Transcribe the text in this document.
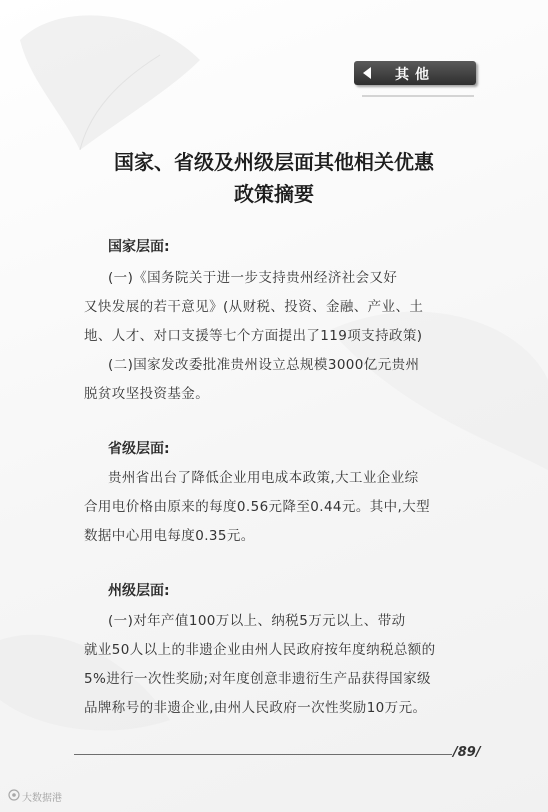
其他
国家、省级及州级层面其他相关优惠
政策摘要
国家层面:
(一)《国务院关于进一步支持贵州经济社会又好
又快发展的若干意见》(从财税、投资、金融、产业、土
地、人才、对口支援等七个方面提出了119项支持政策)
(二)国家发改委批准贵州设立总规模3000亿元贵州
脱贫攻坚投资基金。
省级层面:
贵州省出台了降低企业用电成本政策,大工业企业综
合用电价格由原来的每度0.56元降至0.44元。其中,大型
数据中心用电每度0.35元。
州级层面:
(一)对年产值100万以上、纳税5万元以上、带动
就业50人以上的非遗企业由州人民政府按年度纳税总额的
5%进行一次性奖励;对年度创意非遗衍生产品获得国家级
品牌称号的非遗企业,由州人民政府一次性奖励10万元。
/89/
大数据港
